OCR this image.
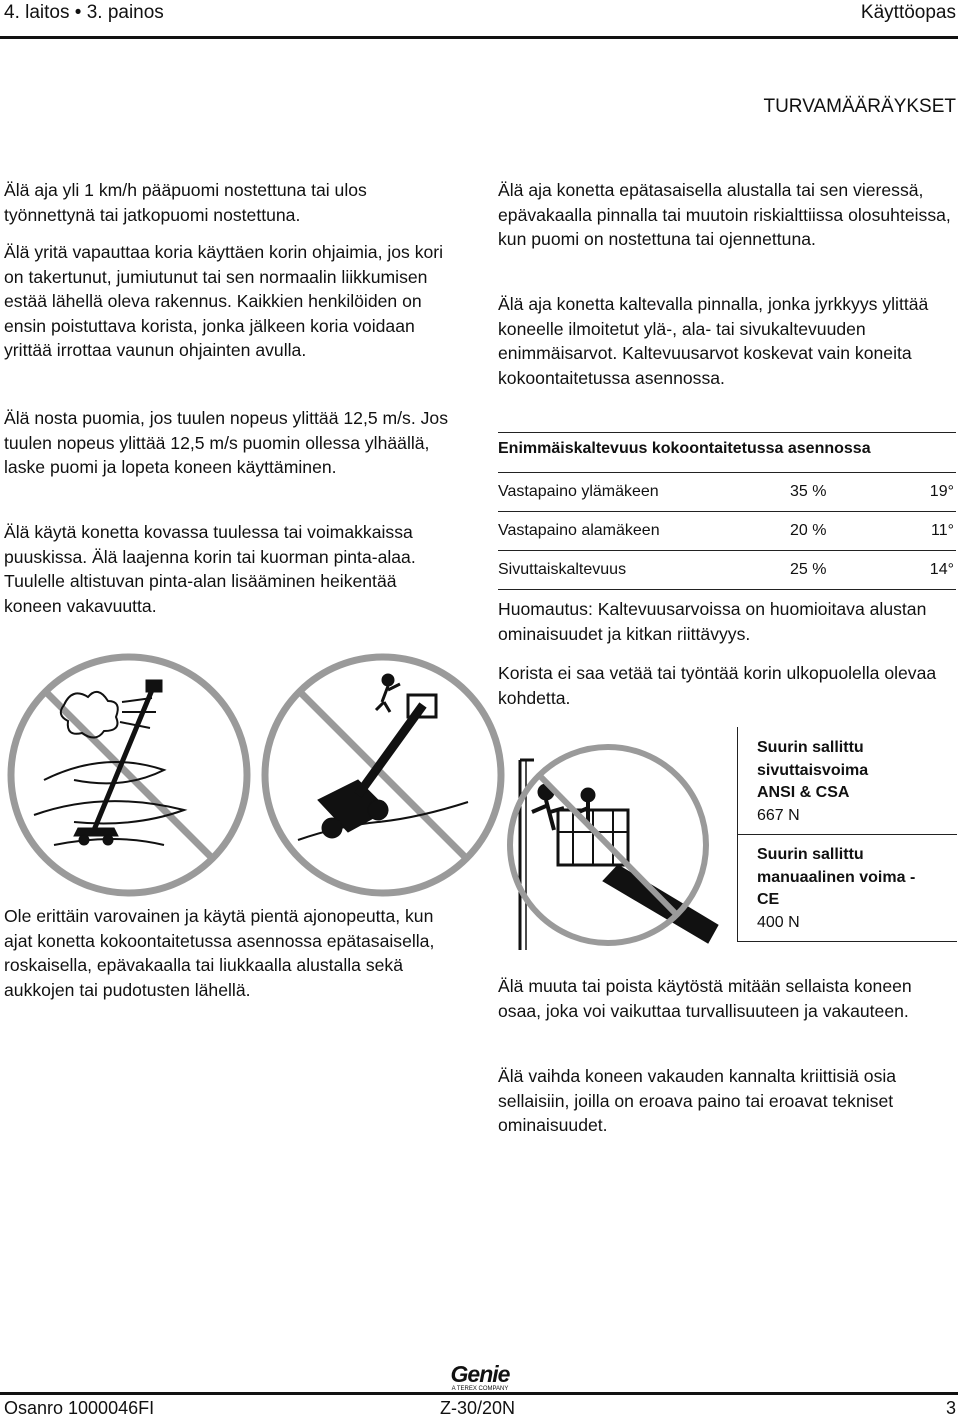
4. laitos • 3. painos	Käyttöopas
TURVAMÄÄRÄYKSET

Älä aja yli 1 km/h pääpuomi nostettuna tai ulos työnnettynä tai jatkopuomi nostettuna.

Älä yritä vapauttaa koria käyttäen korin ohjaimia, jos kori on takertunut, jumiutunut tai sen normaalin liikkumisen estää lähellä oleva rakennus. Kaikkien henkilöiden on ensin poistuttava korista, jonka jälkeen koria voidaan yrittää irrottaa vaunun ohjainten avulla.

Älä nosta puomia, jos tuulen nopeus ylittää 12,5 m/s. Jos tuulen nopeus ylittää 12,5 m/s puomin ollessa ylhäällä, laske puomi ja lopeta koneen käyttäminen.

Älä käytä konetta kovassa tuulessa tai voimakkaissa puuskissa. Älä laajenna korin tai kuorman pinta-alaa. Tuulelle altistuvan pinta-alan lisääminen heikentää koneen vakavuutta.

Ole erittäin varovainen ja käytä pientä ajonopeutta, kun ajat konetta kokoontaitetussa asennossa epätasaisella, roskaisella, epävakaalla tai liukkaalla alustalla sekä aukkojen tai pudotusten lähellä.

Älä aja konetta epätasaisella alustalla tai sen vieressä, epävakaalla pinnalla tai muutoin riskialttiissa olosuhteissa, kun puomi on nostettuna tai ojennettuna.

Älä aja konetta kaltevalla pinnalla, jonka jyrkkyys ylittää koneelle ilmoitetut ylä-, ala- tai sivukaltevuuden enimmäisarvot. Kaltevuusarvot koskevat vain koneita kokoontaitetussa asennossa.

Enimmäiskaltevuus kokoontaitetussa asennossa
Vastapaino ylämäkeen	35 %	19°
Vastapaino alamäkeen	20 %	11°
Sivuttaiskaltevuus	25 %	14°

Huomautus: Kaltevuusarvoissa on huomioitava alustan ominaisuudet ja kitkan riittävyys.

Korista ei saa vetää tai työntää korin ulkopuolella olevaa kohdetta.

Suurin sallittu
sivuttaisvoima
ANSI & CSA
667 N
Suurin sallittu
manuaalinen voima -
CE
400 N

Älä muuta tai poista käytöstä mitään sellaista koneen osaa, joka voi vaikuttaa turvallisuuteen ja vakauteen.

Älä vaihda koneen vakauden kannalta kriittisiä osia sellaisiin, joilla on eroava paino tai eroavat tekniset ominaisuudet.

Genie
A TEREX COMPANY
Osanro 1000046FI	Z-30/20N	3
